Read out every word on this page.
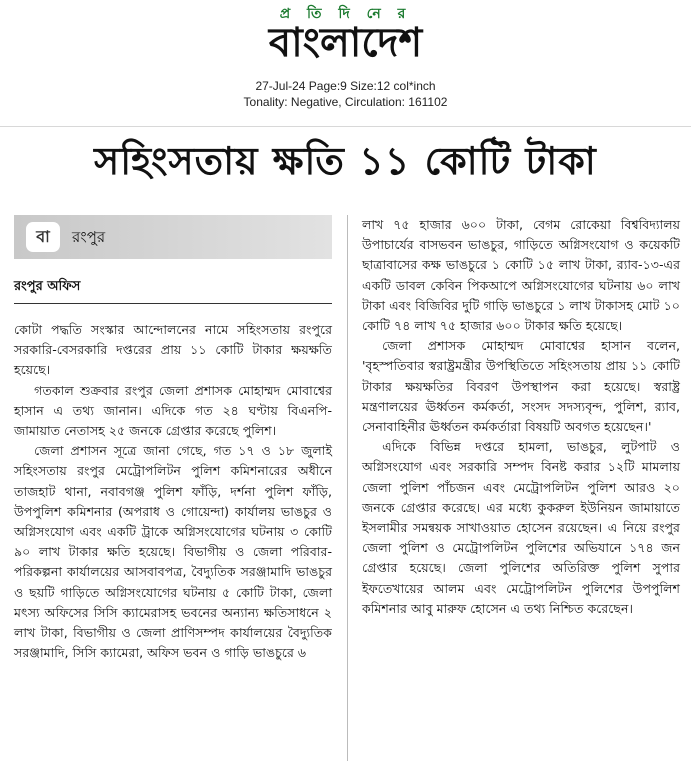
প্র তি দি নে র
বাংলাদেশ
27-Jul-24 Page:9 Size:12 col*inch
Tonality: Negative, Circulation: 161102
সহিংসতায় ক্ষতি ১১ কোটি টাকা
বা	রংপুর
রংপুর অফিস

কোটা পদ্ধতি সংস্কার আন্দোলনের নামে সহিংসতায় রংপুরে সরকারি-বেসরকারি দপ্তরের প্রায় ১১ কোটি টাকার ক্ষয়ক্ষতি হয়েছে।

গতকাল শুক্রবার রংপুর জেলা প্রশাসক মোহাম্মদ মোবাশ্বের হাসান এ তথ্য জানান। এদিকে গত ২৪ ঘণ্টায় বিএনপি-জামায়াত নেতাসহ ২৫ জনকে গ্রেপ্তার করেছে পুলিশ।

জেলা প্রশাসন সূত্রে জানা গেছে, গত ১৭ ও ১৮ জুলাই সহিংসতায় রংপুর মেট্রোপলিটন পুলিশ কমিশনারের অধীনে তাজহাট থানা, নবাবগঞ্জ পুলিশ ফাঁড়ি, দর্শনা পুলিশ ফাঁড়ি, উপপুলিশ কমিশনার (অপরাধ ও গোয়েন্দা) কার্যালয় ভাঙচুর ও অগ্নিসংযোগ এবং একটি ট্রাকে অগ্নিসংযোগের ঘটনায় ৩ কোটি ৯০ লাখ টাকার ক্ষতি হয়েছে। বিভাগীয় ও জেলা পরিবার-পরিকল্পনা কার্যালয়ের আসবাবপত্র, বৈদ্যুতিক সরঞ্জামাদি ভাঙচুর ও ছয়টি গাড়িতে অগ্নিসংযোগের ঘটনায় ৫ কোটি টাকা, জেলা মৎস্য অফিসের সিসি ক্যামেরাসহ ভবনের অন্যান্য ক্ষতিসাধনে ২ লাখ টাকা, বিভাগীয় ও জেলা প্রাণিসম্পদ কার্যালয়ের বৈদ্যুতিক সরঞ্জামাদি, সিসি ক্যামেরা, অফিস ভবন ও গাড়ি ভাঙচুরে ৬

লাখ ৭৫ হাজার ৬০০ টাকা, বেগম রোকেয়া বিশ্ববিদ্যালয় উপাচার্যের বাসভবন ভাঙচুর, গাড়িতে অগ্নিসংযোগ ও কয়েকটি ছাত্রাবাসের কক্ষ ভাঙচুরে ১ কোটি ১৫ লাখ টাকা, র‍্যাব-১৩-এর একটি ডাবল কেবিন পিকআপে অগ্নিসংযোগের ঘটনায় ৬০ লাখ টাকা এবং বিজিবির দুটি গাড়ি ভাঙচুরে ১ লাখ টাকাসহ মোট ১০ কোটি ৭৪ লাখ ৭৫ হাজার ৬০০ টাকার ক্ষতি হয়েছে।

জেলা প্রশাসক মোহাম্মদ মোবাশ্বের হাসান বলেন, 'বৃহস্পতিবার স্বরাষ্ট্রমন্ত্রীর উপস্থিতিতে সহিংসতায় প্রায় ১১ কোটি টাকার ক্ষয়ক্ষতির বিবরণ উপস্থাপন করা হয়েছে। স্বরাষ্ট্র মন্ত্রণালয়ের ঊর্ধ্বতন কর্মকর্তা, সংসদ সদস্যবৃন্দ, পুলিশ, র‍্যাব, সেনাবাহিনীর ঊর্ধ্বতন কর্মকর্তারা বিষয়টি অবগত হয়েছেন।'

এদিকে বিভিন্ন দপ্তরে হামলা, ভাঙচুর, লুটপাট ও অগ্নিসংযোগ এবং সরকারি সম্পদ বিনষ্ট করার ১২টি মামলায় জেলা পুলিশ পাঁচজন এবং মেট্রোপলিটন পুলিশ আরও ২০ জনকে গ্রেপ্তার করেছে। এর মধ্যে কুকরুল ইউনিয়ন জামায়াতে ইসলামীর সমন্বয়ক সাখাওয়াত হোসেন রয়েছেন। এ নিয়ে রংপুর জেলা পুলিশ ও মেট্রোপলিটন পুলিশের অভিযানে ১৭৪ জন গ্রেপ্তার হয়েছে। জেলা পুলিশের অতিরিক্ত পুলিশ সুপার ইফতেখায়ের আলম এবং মেট্রোপলিটন পুলিশের উপপুলিশ কমিশনার আবু মারুফ হোসেন এ তথ্য নিশ্চিত করেছেন।
